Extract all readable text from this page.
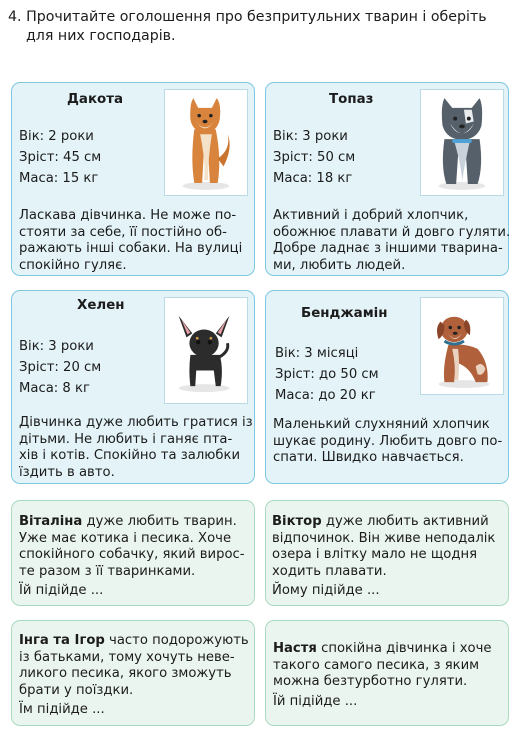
4. Прочитайте оголошення про безпритульних тварин і оберіть
для них господарів.
Дакота
Вік: 2 роки
Зріст: 45 см
Маса: 15 кг
Ласкава дівчинка. Не може по-
стояти за себе, її постійно об-
ражають інші собаки. На вулиці
спокійно гуляє.
Топаз
Вік: 3 роки
Зріст: 50 см
Маса: 18 кг
Активний і добрий хлопчик,
обожнює плавати й довго гуляти.
Добре ладнає з іншими тварина-
ми, любить людей.
Хелен
Вік: 3 роки
Зріст: 20 см
Маса: 8 кг
Дівчинка дуже любить гратися із
дітьми. Не любить і ганяє пта-
хів і котів. Спокійно та залюбки
їздить в авто.
Бенджамін
Вік: 3 місяці
Зріст: до 50 см
Маса: до 20 кг
Маленький слухняний хлопчик
шукає родину. Любить довго по-
спати. Швидко навчається.
Віталіна дуже любить тварин.
Уже має котика і песика. Хоче
спокійного собачку, який вирос-
те разом з її тваринками.
Їй підійде ...
Віктор дуже любить активний
відпочинок. Він живе неподалік
озера і влітку мало не щодня
ходить плавати.
Йому підійде ...
Інга та Ігор часто подорожують
із батьками, тому хочуть неве-
ликого песика, якого зможуть
брати у поїздки.
Їм підійде ...
Настя спокійна дівчинка і хоче
такого самого песика, з яким
можна безтурботно гуляти.
Їй підійде ...
